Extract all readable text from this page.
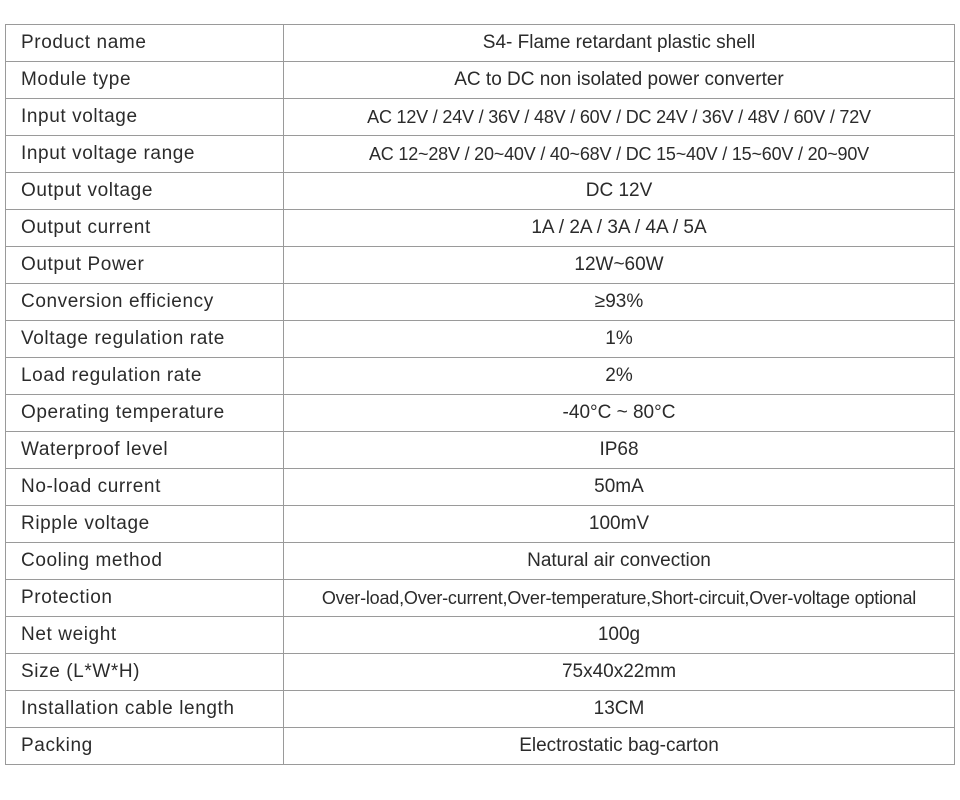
Product name	S4- Flame retardant plastic shell
Module type	AC to DC non isolated power converter
Input voltage	AC 12V / 24V / 36V / 48V / 60V / DC 24V / 36V / 48V / 60V / 72V
Input voltage range	AC 12~28V / 20~40V / 40~68V / DC 15~40V / 15~60V / 20~90V
Output voltage	DC 12V
Output current	1A / 2A / 3A / 4A / 5A
Output Power	12W~60W
Conversion efficiency	≥93%
Voltage regulation rate	1%
Load regulation rate	2%
Operating temperature	-40°C ~ 80°C
Waterproof level	IP68
No-load current	50mA
Ripple voltage	100mV
Cooling method	Natural air convection
Protection	Over-load,Over-current,Over-temperature,Short-circuit,Over-voltage optional
Net weight	100g
Size (L*W*H)	75x40x22mm
Installation cable length	13CM
Packing	Electrostatic bag-carton
